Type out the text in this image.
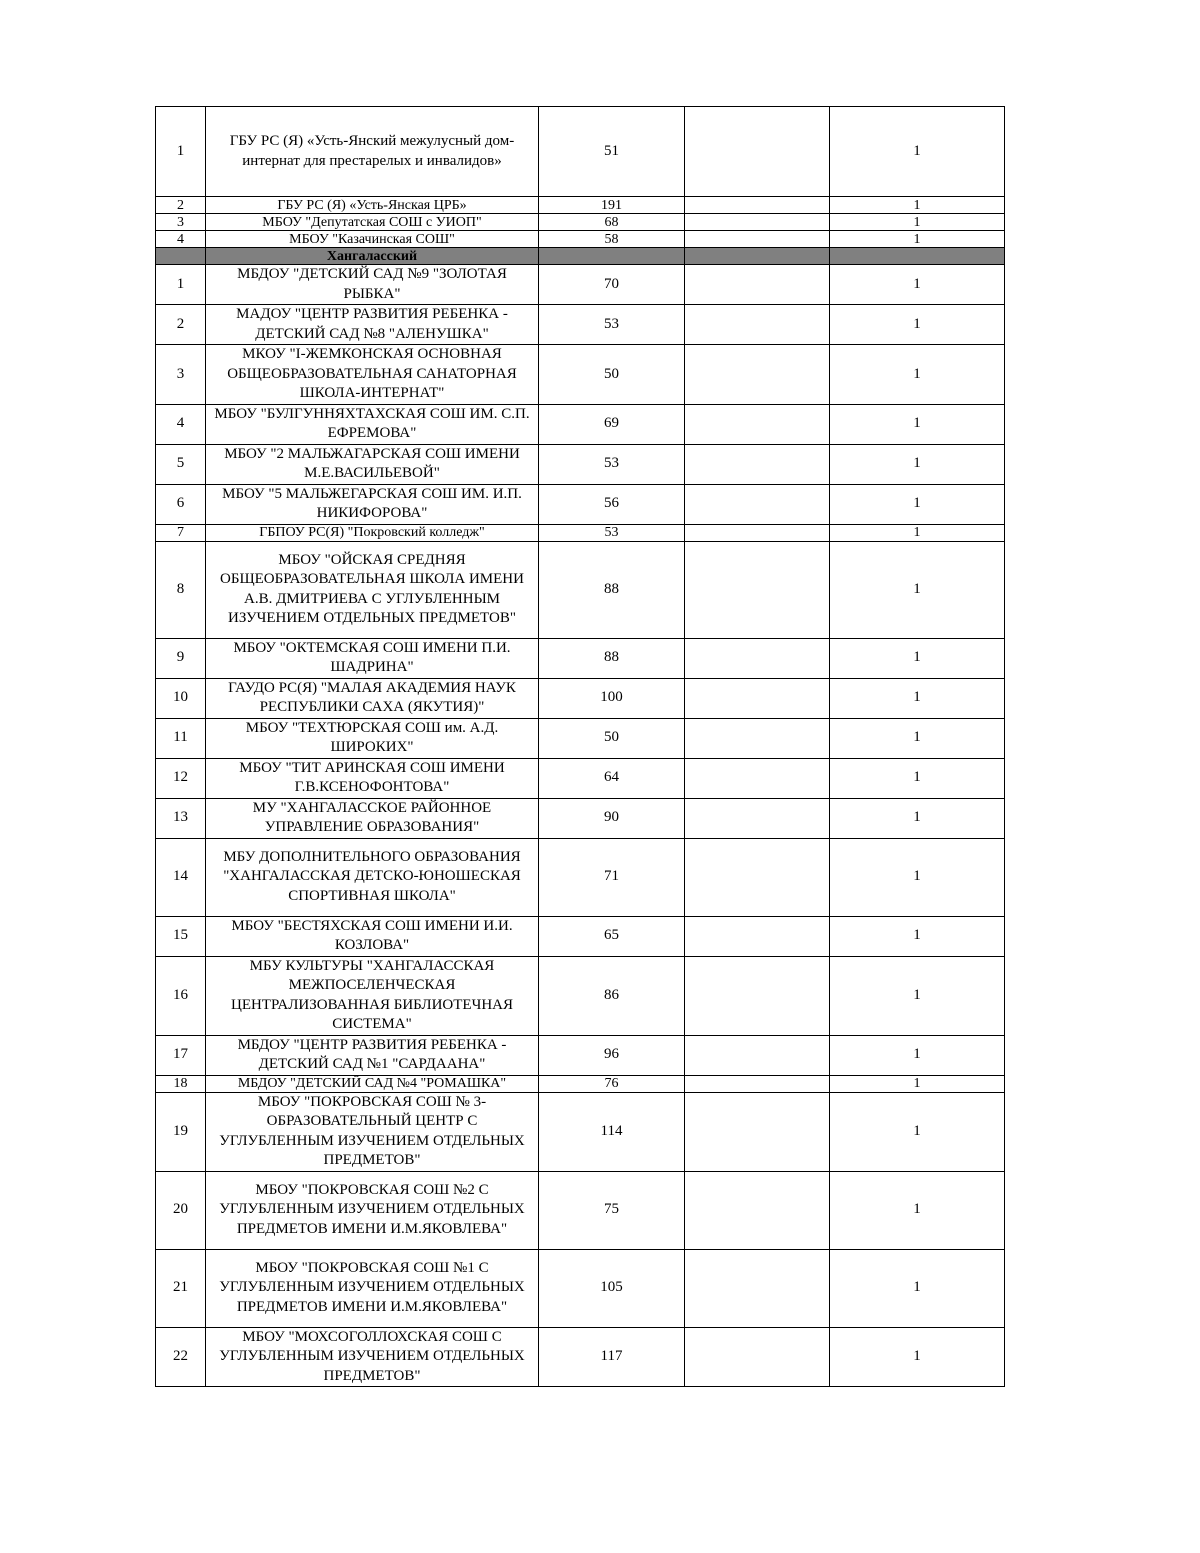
1	ГБУ РС (Я) «Усть-Янский межулусный дом-интернат для престарелых и инвалидов»	51		1
2	ГБУ РС (Я) «Усть-Янская ЦРБ»	191		1
3	МБОУ "Депутатская СОШ с УИОП"	68		1
4	МБОУ "Казачинская СОШ"	58		1
	Хангаласский			
1	МБДОУ "ДЕТСКИЙ САД №9 "ЗОЛОТАЯ РЫБКА"	70		1
2	МАДОУ "ЦЕНТР РАЗВИТИЯ РЕБЕНКА - ДЕТСКИЙ САД №8 "АЛЕНУШКА"	53		1
3	МКОУ "I-ЖЕМКОНСКАЯ ОСНОВНАЯ ОБЩЕОБРАЗОВАТЕЛЬНАЯ САНАТОРНАЯ ШКОЛА-ИНТЕРНАТ"	50		1
4	МБОУ "БУЛГУННЯХТАХСКАЯ СОШ ИМ. С.П. ЕФРЕМОВА"	69		1
5	МБОУ "2 МАЛЬЖАГАРСКАЯ СОШ ИМЕНИ М.Е.ВАСИЛЬЕВОЙ"	53		1
6	МБОУ "5 МАЛЬЖЕГАРСКАЯ СОШ ИМ. И.П. НИКИФОРОВА"	56		1
7	ГБПОУ РС(Я) "Покровский колледж"	53		1
8	МБОУ "ОЙСКАЯ СРЕДНЯЯ ОБЩЕОБРАЗОВАТЕЛЬНАЯ ШКОЛА ИМЕНИ А.В. ДМИТРИЕВА С УГЛУБЛЕННЫМ ИЗУЧЕНИЕМ ОТДЕЛЬНЫХ ПРЕДМЕТОВ"	88		1
9	МБОУ "ОКТЕМСКАЯ СОШ ИМЕНИ П.И. ШАДРИНА"	88		1
10	ГАУДО РС(Я) "МАЛАЯ АКАДЕМИЯ НАУК РЕСПУБЛИКИ САХА (ЯКУТИЯ)"	100		1
11	МБОУ "ТЕХТЮРСКАЯ СОШ им. А.Д. ШИРОКИХ"	50		1
12	МБОУ "ТИТ АРИНСКАЯ СОШ ИМЕНИ Г.В.КСЕНОФОНТОВА"	64		1
13	МУ "ХАНГАЛАССКОЕ РАЙОННОЕ УПРАВЛЕНИЕ ОБРАЗОВАНИЯ"	90		1
14	МБУ ДОПОЛНИТЕЛЬНОГО ОБРАЗОВАНИЯ "ХАНГАЛАССКАЯ ДЕТСКО-ЮНОШЕСКАЯ СПОРТИВНАЯ ШКОЛА"	71		1
15	МБОУ "БЕСТЯХСКАЯ СОШ ИМЕНИ И.И. КОЗЛОВА"	65		1
16	МБУ КУЛЬТУРЫ "ХАНГАЛАССКАЯ МЕЖПОСЕЛЕНЧЕСКАЯ ЦЕНТРАЛИЗОВАННАЯ БИБЛИОТЕЧНАЯ СИСТЕМА"	86		1
17	МБДОУ "ЦЕНТР РАЗВИТИЯ РЕБЕНКА - ДЕТСКИЙ САД №1 "САРДААНА"	96		1
18	МБДОУ "ДЕТСКИЙ САД №4 "РОМАШКА"	76		1
19	МБОУ "ПОКРОВСКАЯ СОШ № 3-ОБРАЗОВАТЕЛЬНЫЙ ЦЕНТР С УГЛУБЛЕННЫМ ИЗУЧЕНИЕМ ОТДЕЛЬНЫХ ПРЕДМЕТОВ"	114		1
20	МБОУ "ПОКРОВСКАЯ СОШ №2 С УГЛУБЛЕННЫМ ИЗУЧЕНИЕМ ОТДЕЛЬНЫХ ПРЕДМЕТОВ ИМЕНИ И.М.ЯКОВЛЕВА"	75		1
21	МБОУ "ПОКРОВСКАЯ СОШ №1 С УГЛУБЛЕННЫМ ИЗУЧЕНИЕМ ОТДЕЛЬНЫХ ПРЕДМЕТОВ ИМЕНИ И.М.ЯКОВЛЕВА"	105		1
22	МБОУ "МОХСОГОЛЛОХСКАЯ СОШ С УГЛУБЛЕННЫМ ИЗУЧЕНИЕМ ОТДЕЛЬНЫХ ПРЕДМЕТОВ"	117		1
